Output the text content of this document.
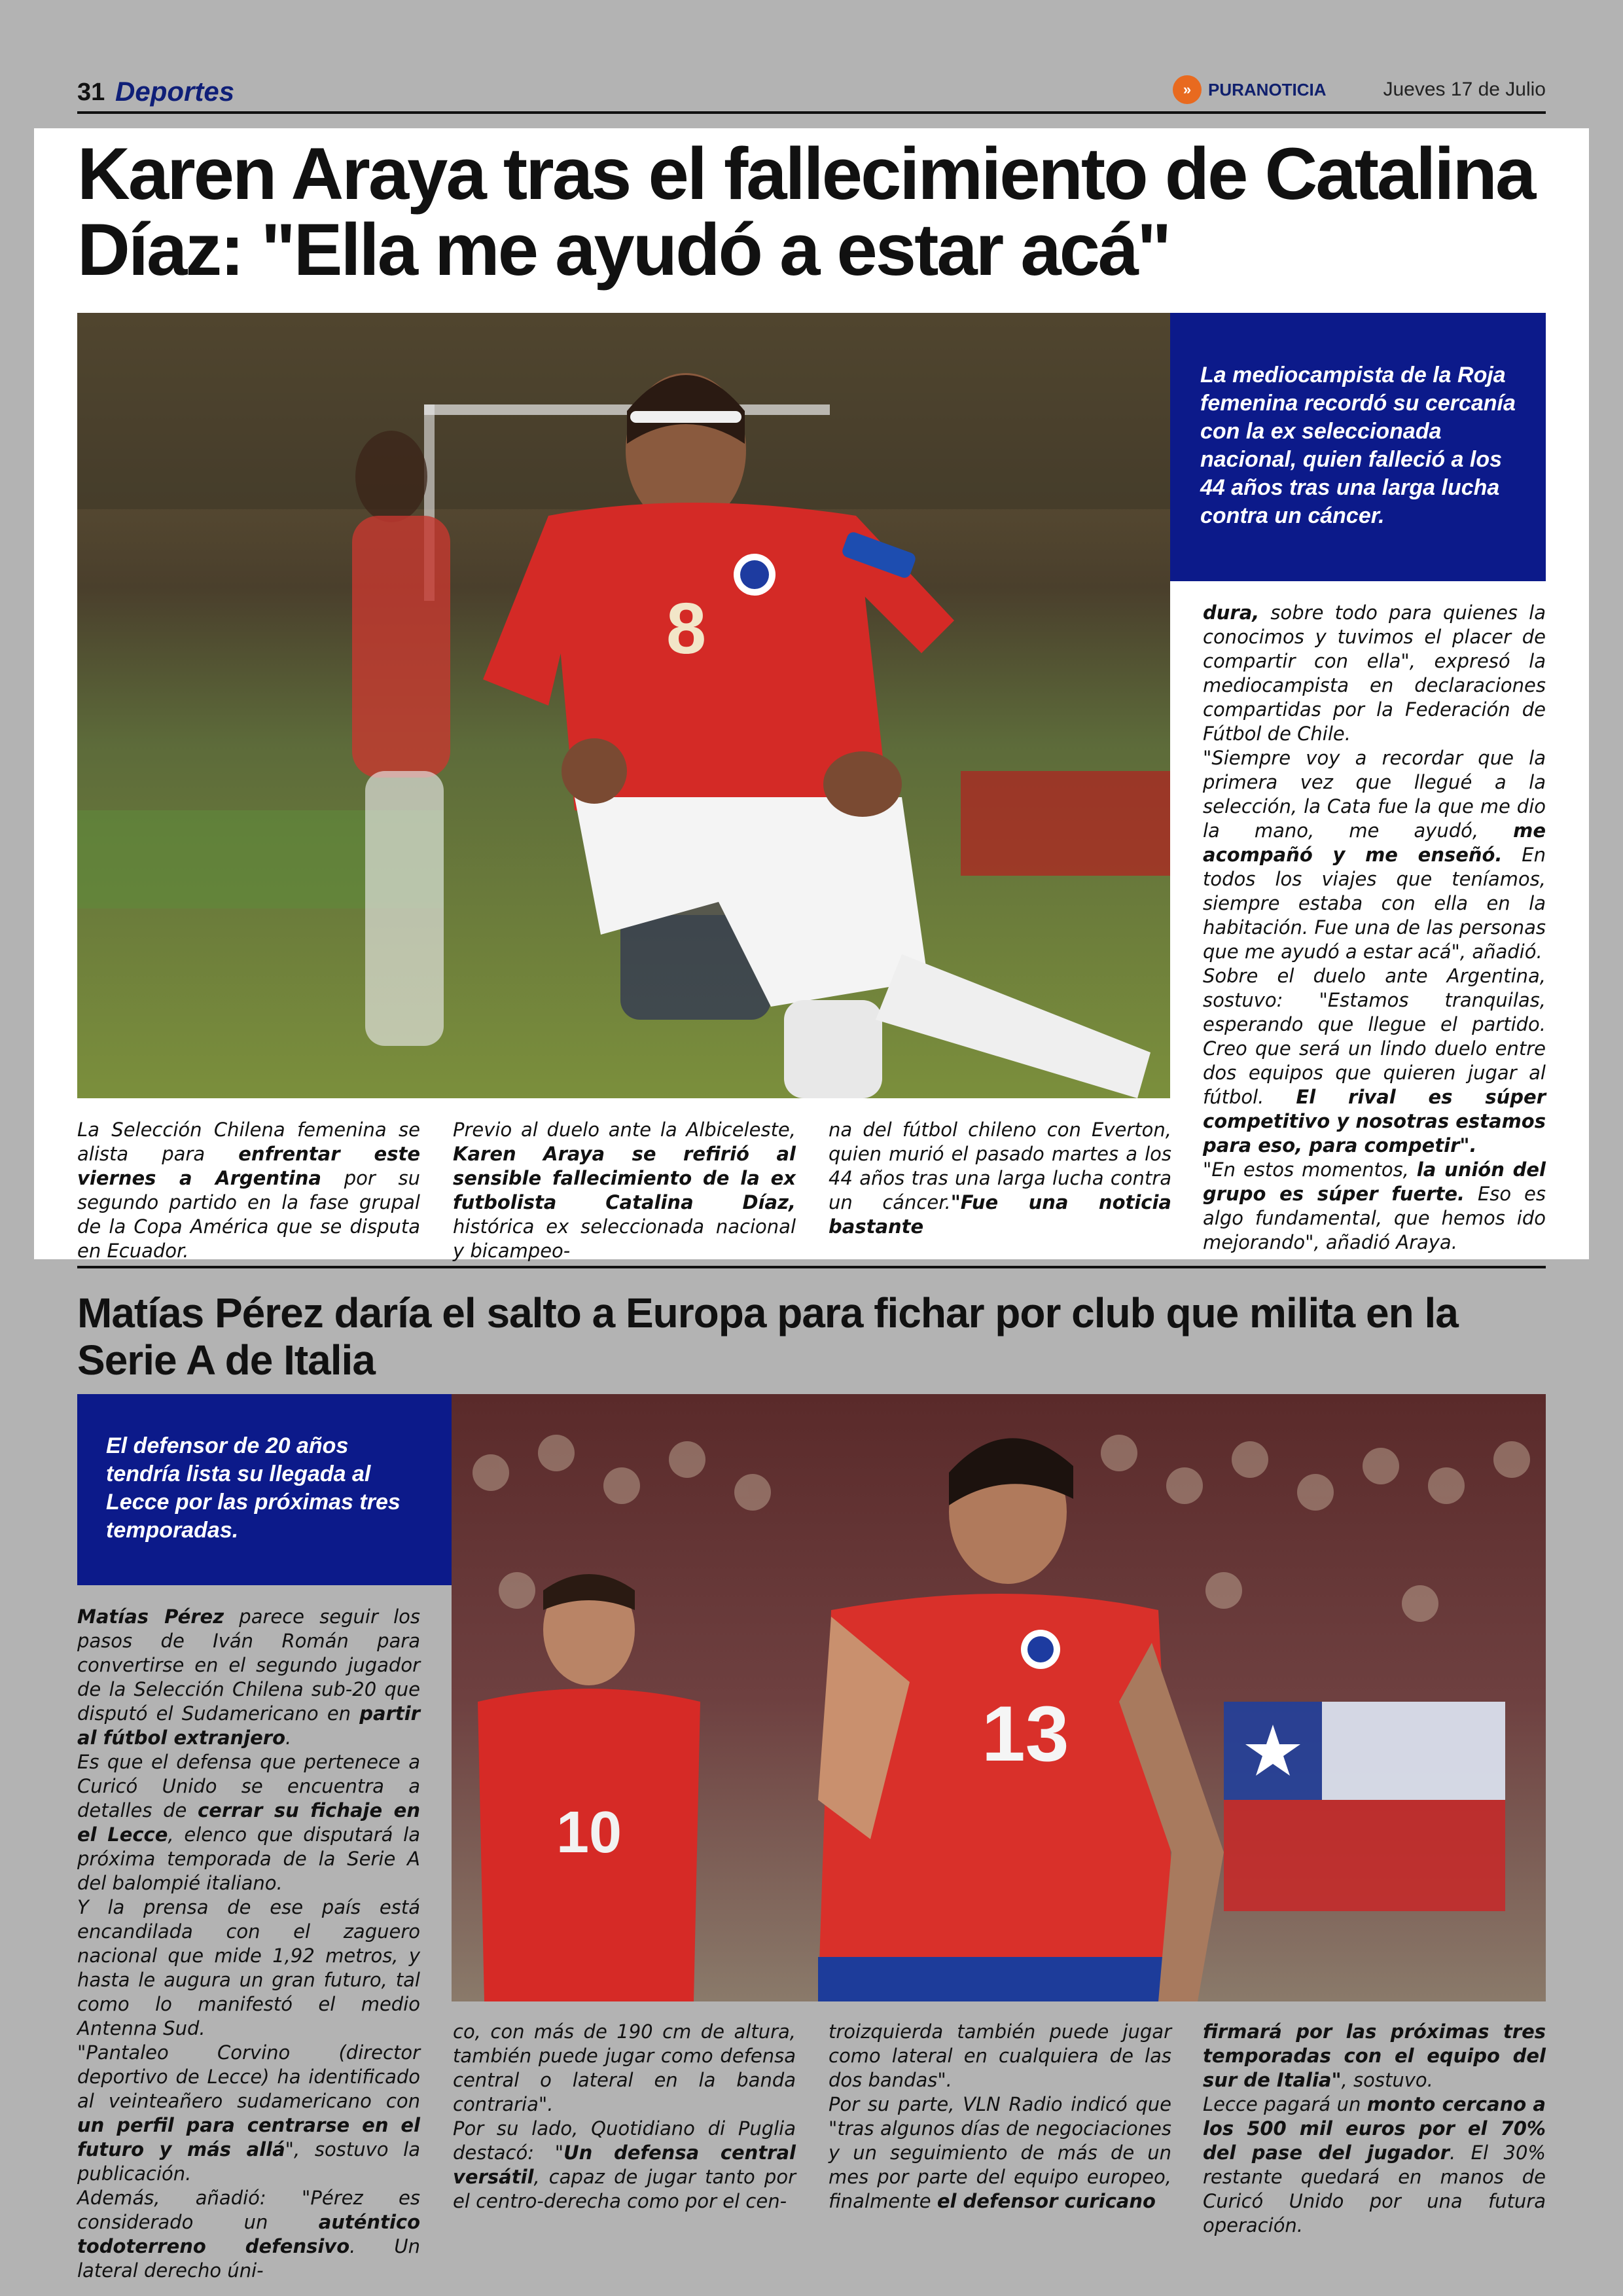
31 Deportes	» PURANOTICIA	Jueves 17 de Julio
Karen Araya tras el fallecimiento de Catalina Díaz: "Ella me ayudó a estar acá"
8
La mediocampista de la Roja femenina recordó su cercanía con la ex seleccionada nacional, quien falleció a los 44 años tras una larga lucha contra un cáncer.

La Selección Chilena femenina se alista para enfrentar este viernes a Argentina por su segundo partido en la fase grupal de la Copa América que se disputa en Ecuador.

Previo al duelo ante la Albiceleste, Karen Araya se refirió al sensible fallecimiento de la ex futbolista Catalina Díaz, histórica ex seleccionada nacional y bicampeo-

na del fútbol chileno con Everton, quien murió el pasado martes a los 44 años tras una larga lucha contra un cáncer."Fue una noticia bastante

dura, sobre todo para quienes la conocimos y tuvimos el placer de compartir con ella", expresó la mediocampista en declaraciones compartidas por la Federación de Fútbol de Chile.

"Siempre voy a recordar que la primera vez que llegué a la selección, la Cata fue la que me dio la mano, me ayudó, me acompañó y me enseñó. En todos los viajes que teníamos, siempre estaba con ella en la habitación. Fue una de las personas que me ayudó a estar acá", añadió.

Sobre el duelo ante Argentina, sostuvo: "Estamos tranquilas, esperando que llegue el partido. Creo que será un lindo duelo entre dos equipos que quieren jugar al fútbol. El rival es súper competitivo y nosotras estamos para eso, para competir".

"En estos momentos, la unión del grupo es súper fuerte. Eso es algo fundamental, que hemos ido mejorando", añadió Araya.

Matías Pérez daría el salto a Europa para fichar por club que milita en la Serie A de Italia
El defensor de 20 años tendría lista su llegada al Lecce por las próximas tres temporadas.
10
13

Matías Pérez parece seguir los pasos de Iván Román para convertirse en el segundo jugador de la Selección Chilena sub-20 que disputó el Sudamericano en partir al fútbol extranjero.

Es que el defensa que pertenece a Curicó Unido se encuentra a detalles de cerrar su fichaje en el Lecce, elenco que disputará la próxima temporada de la Serie A del balompié italiano.

Y la prensa de ese país está encandilada con el zaguero nacional que mide 1,92 metros, y hasta le augura un gran futuro, tal como lo manifestó el medio Antenna Sud.

"Pantaleo Corvino (director deportivo de Lecce) ha identificado al veinteañero sudamericano con un perfil para centrarse en el futuro y más allá", sostuvo la publicación.

Además, añadió: "Pérez es considerado un auténtico todoterreno defensivo. Un lateral derecho úni-

co, con más de 190 cm de altura, también puede jugar como defensa central o lateral en la banda contraria".

Por su lado, Quotidiano di Puglia destacó: "Un defensa central versátil, capaz de jugar tanto por el centro-derecha como por el cen-

troizquierda también puede jugar como lateral en cualquiera de las dos bandas".

Por su parte, VLN Radio indicó que "tras algunos días de negociaciones y un seguimiento de más de un mes por parte del equipo europeo, finalmente el defensor curicano

firmará por las próximas tres temporadas con el equipo del sur de Italia", sostuvo.

Lecce pagará un monto cercano a los 500 mil euros por el 70% del pase del jugador. El 30% restante quedará en manos de Curicó Unido por una futura operación.
